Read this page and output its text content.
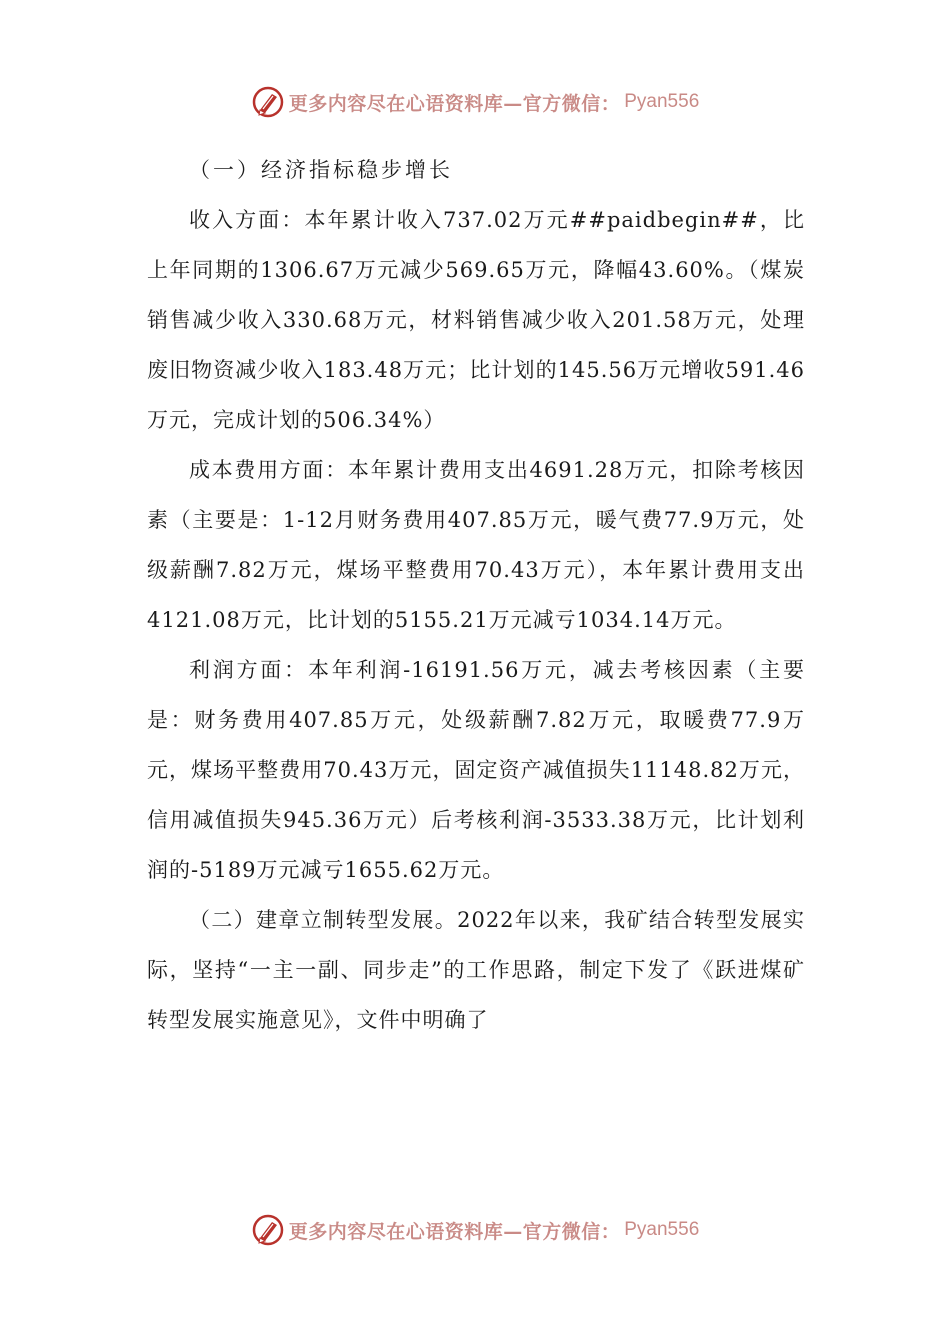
更多内容尽在心语资料库—官方微信： Pyan556

（一）经济指标稳步增长

收入方面：本年累计收入737.02万元##paidbegin##，比上年同期的1306.67万元减少569.65万元，降幅43.60%。（煤炭销售减少收入330.68万元，材料销售减少收入201.58万元，处理废旧物资减少收入183.48万元；比计划的145.56万元增收591.46万元，完成计划的506.34%）

成本费用方面：本年累计费用支出4691.28万元，扣除考核因素（主要是：1-12月财务费用407.85万元，暖气费77.9万元，处级薪酬7.82万元，煤场平整费用70.43万元），本年累计费用支出4121.08万元，比计划的5155.21万元减亏1034.14万元。

利润方面：本年利润-16191.56万元，减去考核因素（主要是：财务费用407.85万元，处级薪酬7.82万元，取暖费77.9万元，煤场平整费用70.43万元，固定资产减值损失11148.82万元，信用减值损失945.36万元）后考核利润-3533.38万元，比计划利润的-5189万元减亏1655.62万元。

（二）建章立制转型发展。2022年以来，我矿结合转型发展实际，坚持“一主一副、同步走”的工作思路，制定下发了《跃进煤矿转型发展实施意见》，文件中明确了

更多内容尽在心语资料库—官方微信： Pyan556
